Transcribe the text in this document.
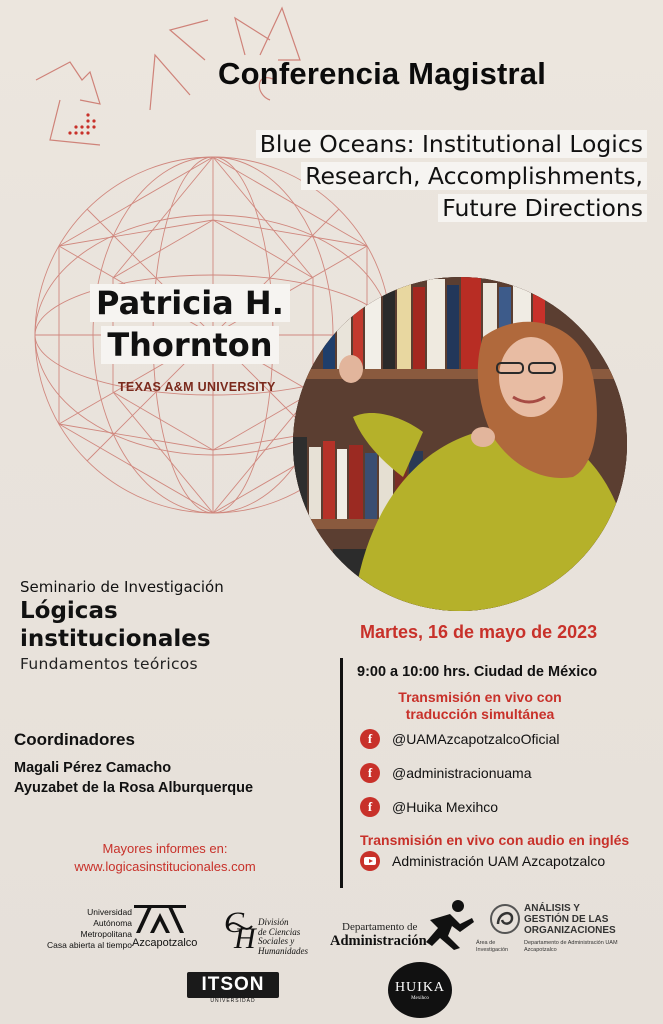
Conferencia Magistral
Blue Oceans: Institutional Logics
Research, Accomplishments,
Future Directions
Patricia H.
Thornton
TEXAS A&M UNIVERSITY
Seminario de Investigación
Lógicas
institucionales
Fundamentos teóricos
Martes, 16 de mayo de 2023
9:00 a 10:00 hrs. Ciudad de México
Transmisión en vivo con
traducción simultánea
f	@UAMAzcapotzalcoOficial
f	@administracionuama
f	@Huika Mexihco
Transmisión en vivo con audio en inglés
Administración UAM Azcapotzalco
Coordinadores
Magali Pérez Camacho
Ayuzabet de la Rosa Alburquerque
Mayores informes en:
www.logicasinstitucionales.com
Universidad
Autónoma
Metropolitana
Casa abierta al tiempo Azcapotzalco
C
H División
de Ciencias
Sociales y
Humanidades
Departamento de
Administración
ANÁLISIS Y
GESTIÓN DE LAS
ORGANIZACIONES
Área de
Investigación
Departamento de Administración UAM Azcapotzalco
ITSON
UNIVERSIDAD
HUIKA
Mexihco
